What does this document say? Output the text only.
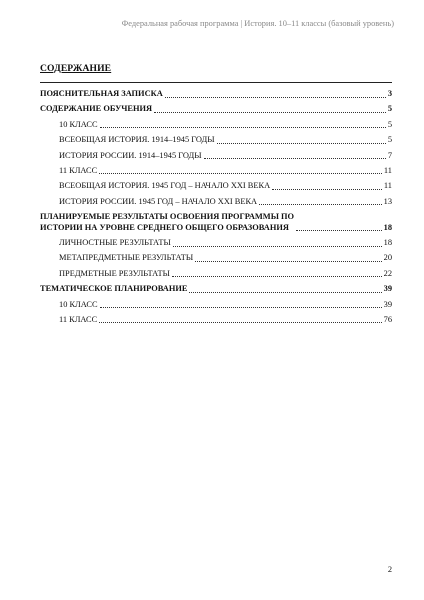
Федеральная рабочая программа | История. 10–11 классы (базовый уровень)
СОДЕРЖАНИЕ
ПОЯСНИТЕЛЬНАЯ ЗАПИСКА	3
СОДЕРЖАНИЕ ОБУЧЕНИЯ	5
10 КЛАСС	5
ВСЕОБЩАЯ ИСТОРИЯ. 1914–1945 ГОДЫ	5
ИСТОРИЯ РОССИИ. 1914–1945 ГОДЫ	7
11 КЛАСС	11
ВСЕОБЩАЯ ИСТОРИЯ. 1945 ГОД – НАЧАЛО XXI ВЕКА	11
ИСТОРИЯ РОССИИ. 1945 ГОД – НАЧАЛО XXI ВЕКА	13
ПЛАНИРУЕМЫЕ РЕЗУЛЬТАТЫ ОСВОЕНИЯ ПРОГРАММЫ ПО
ИСТОРИИ НА УРОВНЕ СРЕДНЕГО ОБЩЕГО ОБРАЗОВАНИЯ	18
ЛИЧНОСТНЫЕ РЕЗУЛЬТАТЫ	18
МЕТАПРЕДМЕТНЫЕ РЕЗУЛЬТАТЫ	20
ПРЕДМЕТНЫЕ РЕЗУЛЬТАТЫ	22
ТЕМАТИЧЕСКОЕ ПЛАНИРОВАНИЕ	39
10 КЛАСС	39
11 КЛАСС	76
2
